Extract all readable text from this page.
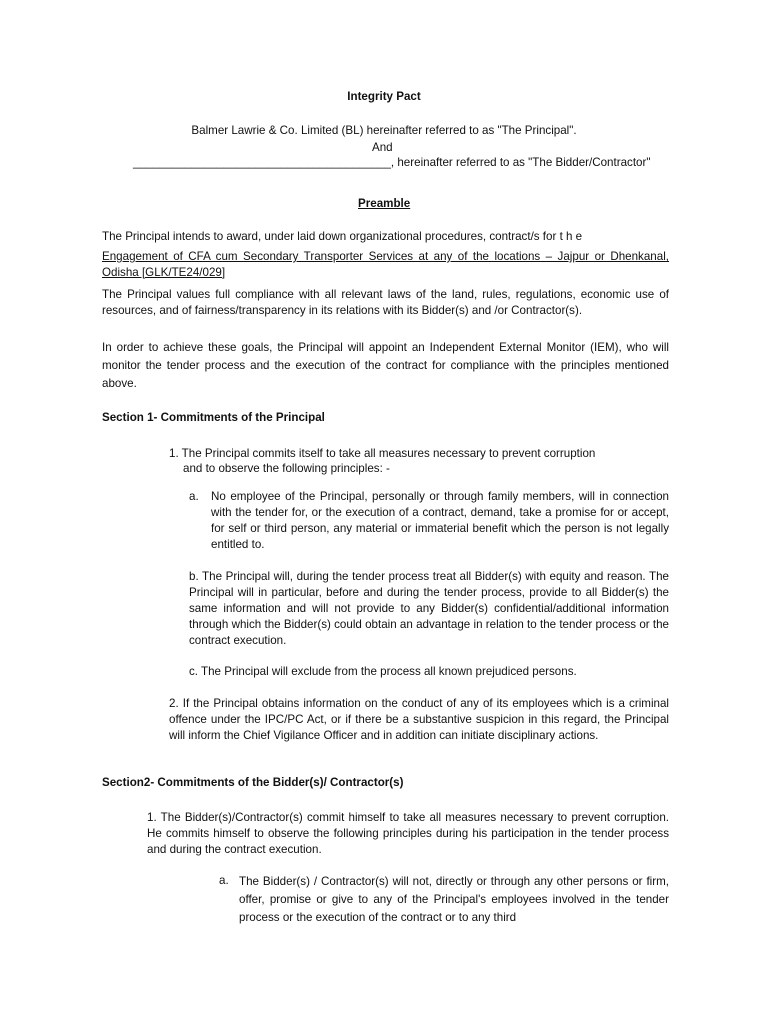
Integrity Pact
Balmer Lawrie & Co. Limited (BL) hereinafter referred to as "The Principal".
And
________________________________________, hereinafter referred to as "The Bidder/Contractor"
Preamble
The Principal intends to award, under laid down organizational procedures, contract/s for t h e
Engagement of CFA cum Secondary Transporter Services at any of the locations – Jajpur or Dhenkanal, Odisha [GLK/TE24/029]
The Principal values full compliance with all relevant laws of the land, rules, regulations, economic use of resources, and of fairness/transparency in its relations with its Bidder(s) and /or Contractor(s).
In order to achieve these goals, the Principal will appoint an Independent External Monitor (IEM), who will monitor the tender process and the execution of the contract for compliance with the principles mentioned above.
Section 1- Commitments of the Principal
1. The Principal commits itself to take all measures necessary to prevent corruption
and to observe the following principles: -
a. No employee of the Principal, personally or through family members, will in connection with the tender for, or the execution of a contract, demand, take a promise for or accept, for self or third person, any material or immaterial benefit which the person is not legally entitled to.
b. The Principal will, during the tender process treat all Bidder(s) with equity and reason. The Principal will in particular, before and during the tender process, provide to all Bidder(s) the same information and will not provide to any Bidder(s) confidential/additional information through which the Bidder(s) could obtain an advantage in relation to the tender process or the contract execution.
c. The Principal will exclude from the process all known prejudiced persons.
2. If the Principal obtains information on the conduct of any of its employees which is a criminal offence under the IPC/PC Act, or if there be a substantive suspicion in this regard, the Principal will inform the Chief Vigilance Officer and in addition can initiate disciplinary actions.
Section2- Commitments of the Bidder(s)/ Contractor(s)
1. The Bidder(s)/Contractor(s) commit himself to take all measures necessary to prevent corruption. He commits himself to observe the following principles during his participation in the tender process and during the contract execution.
a. The Bidder(s) / Contractor(s) will not, directly or through any other persons or firm, offer, promise or give to any of the Principal's employees involved in the tender process or the execution of the contract or to any third
